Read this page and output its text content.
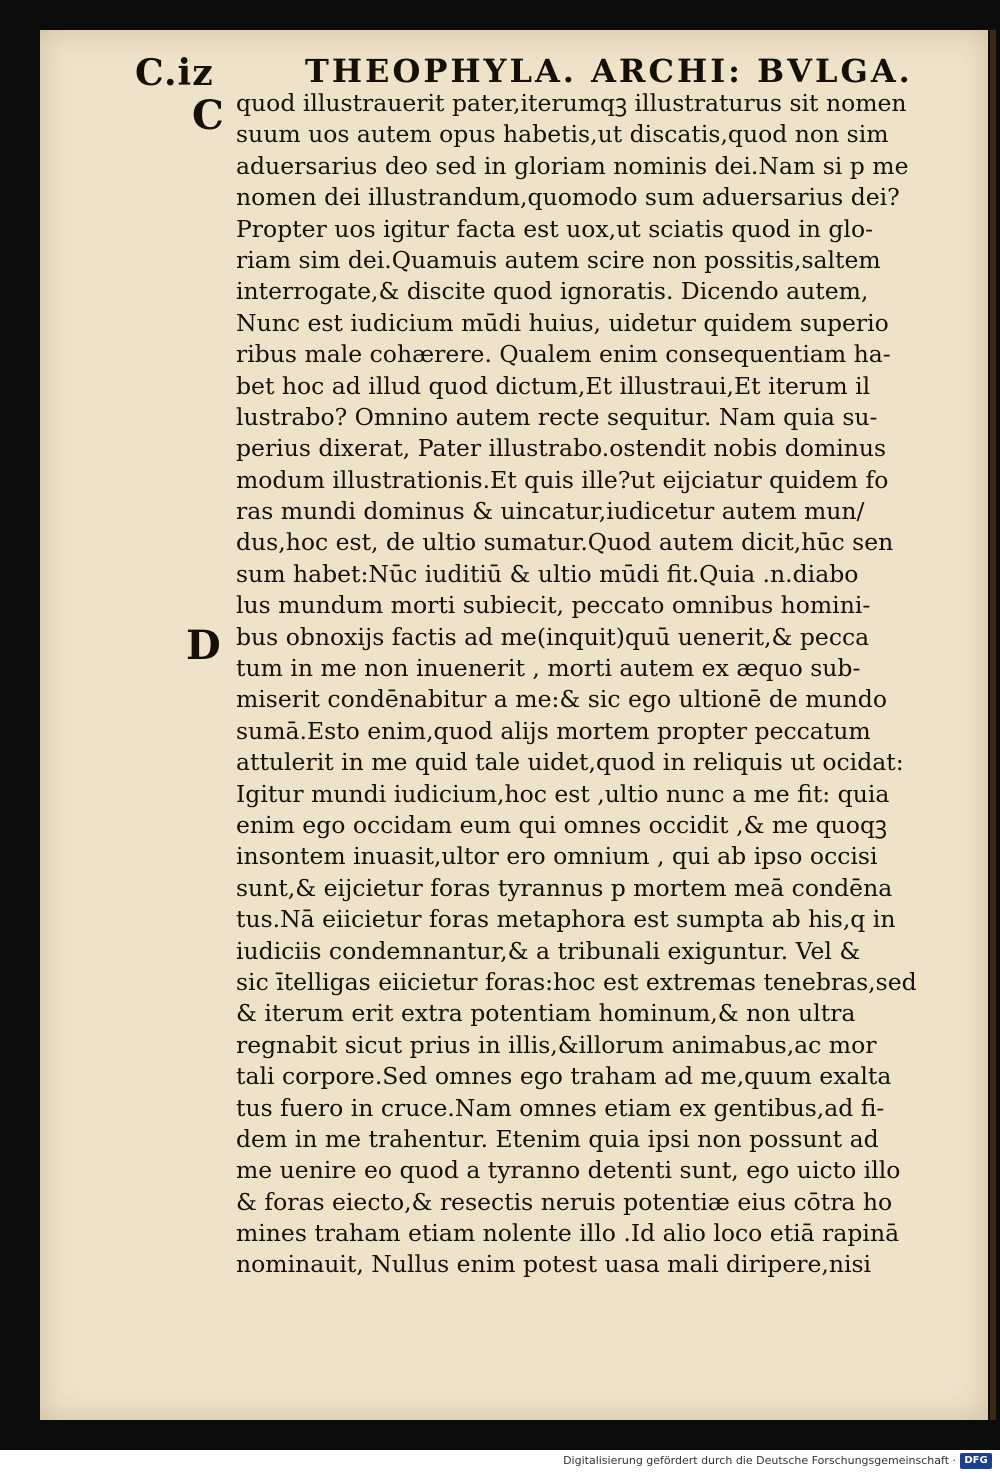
C.iz	THEOPHYLA. ARCHI: BVLGA.
C
D
quod illustrauerit pater,iterumqꝫ illustraturus sit nomen
suum uos autem opus habetis,ut discatis,quod non sim
aduersarius deo sed in gloriam nominis dei.Nam si p me
nomen dei illustrandum,quomodo sum aduersarius dei?
Propter uos igitur facta est uox,ut sciatis quod in glo-
riam sim dei.Quamuis autem scire non possitis,saltem
interrogate,& discite quod ignoratis. Dicendo autem,
Nunc est iudicium mūdi huius, uidetur quidem superio
ribus male cohærere. Qualem enim consequentiam ha-
bet hoc ad illud quod dictum,Et illustraui,Et iterum il
lustrabo? Omnino autem recte sequitur. Nam quia su-
perius dixerat, Pater illustrabo.ostendit nobis dominus
modum illustrationis.Et quis ille?ut eijciatur quidem fo
ras mundi dominus & uincatur,iudicetur autem mun/
dus,hoc est, de ultio sumatur.Quod autem dicit,hūc sen
sum habet:Nūc iuditiū & ultio mūdi fit.Quia .n.diabo
lus mundum morti subiecit, peccato omnibus homini-
bus obnoxijs factis ad me(inquit)quū uenerit,& pecca
tum in me non inuenerit , morti autem ex æquo sub-
miserit condēnabitur a me:& sic ego ultionē de mundo
sumā.Esto enim,quod alijs mortem propter peccatum
attulerit in me quid tale uidet,quod in reliquis ut ocidat:
Igitur mundi iudicium,hoc est ,ultio nunc a me fit: quia
enim ego occidam eum qui omnes occidit ,& me quoqꝫ
insontem inuasit,ultor ero omnium , qui ab ipso occisi
sunt,& eijcietur foras tyrannus p mortem meā condēna
tus.Nā eiicietur foras metaphora est sumpta ab his,q in
iudiciis condemnantur,& a tribunali exiguntur. Vel &
sic ītelligas eiicietur foras:hoc est extremas tenebras,sed
& iterum erit extra potentiam hominum,& non ultra
regnabit sicut prius in illis,&illorum animabus,ac mor
tali corpore.Sed omnes ego traham ad me,quum exalta
tus fuero in cruce.Nam omnes etiam ex gentibus,ad fi-
dem in me trahentur. Etenim quia ipsi non possunt ad
me uenire eo quod a tyranno detenti sunt, ego uicto illo
& foras eiecto,& resectis neruis potentiæ eius cōtra ho
mines traham etiam nolente illo .Id alio loco etiā rapinā
nominauit, Nullus enim potest uasa mali diripere,nisi
Digitalisierung gefördert durch die Deutsche Forschungsgemeinschaft · DFG
